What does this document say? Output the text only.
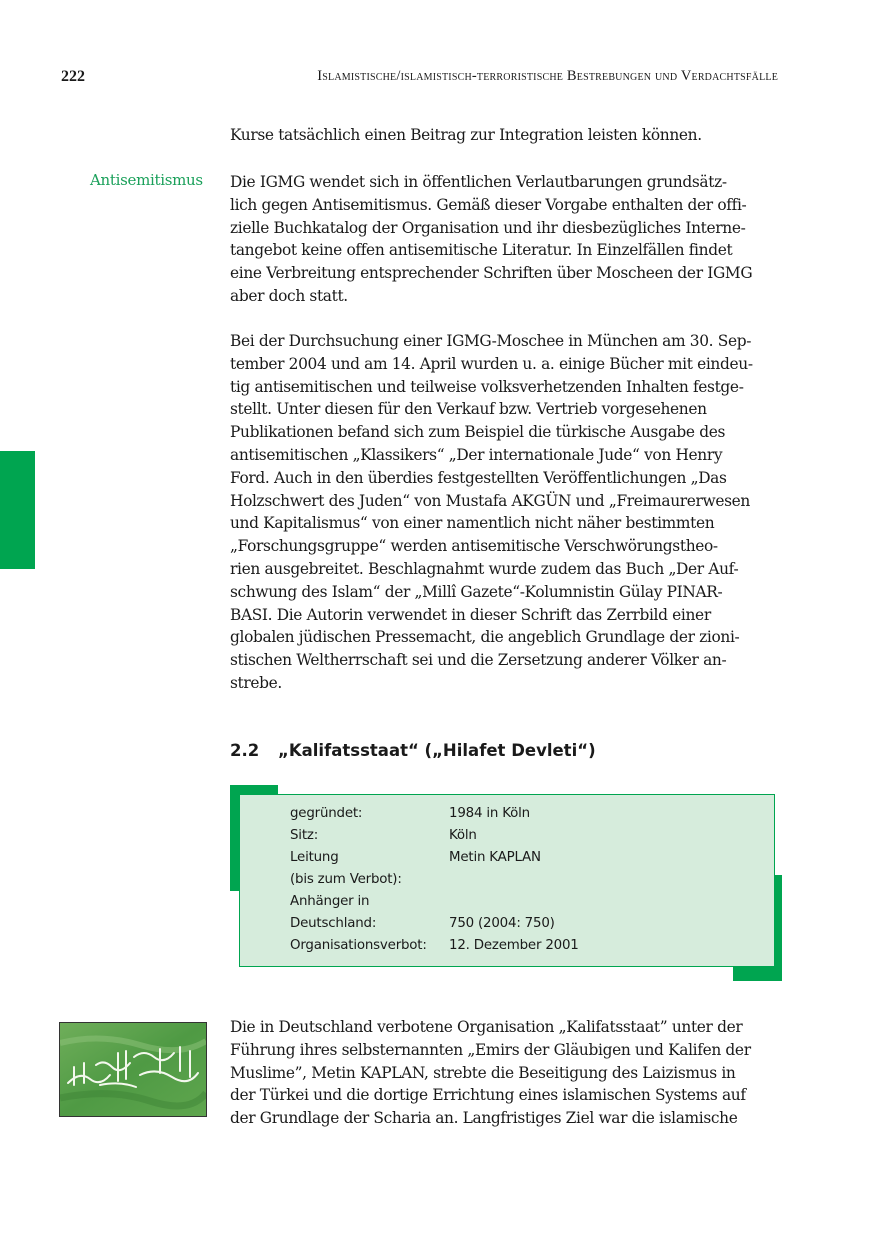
222	Islamistische/islamistisch-terroristische Bestrebungen und Verdachtsfälle
Kurse tatsächlich einen Beitrag zur Integration leisten können.
Antisemitismus Die IGMG wendet sich in öffentlichen Verlautbarungen grundsätz-
lich gegen Antisemitismus. Gemäß dieser Vorgabe enthalten der offi-
zielle Buchkatalog der Organisation und ihr diesbezügliches Interne-
tangebot keine offen antisemitische Literatur. In Einzelfällen findet
eine Verbreitung entsprechender Schriften über Moscheen der IGMG
aber doch statt.
Bei der Durchsuchung einer IGMG-Moschee in München am 30. Sep-
tember 2004 und am 14. April wurden u. a. einige Bücher mit eindeu-
tig antisemitischen und teilweise volksverhetzenden Inhalten festge-
stellt. Unter diesen für den Verkauf bzw. Vertrieb vorgesehenen
Publikationen befand sich zum Beispiel die türkische Ausgabe des
antisemitischen „Klassikers“ „Der internationale Jude“ von Henry
Ford. Auch in den überdies festgestellten Veröffentlichungen „Das
Holzschwert des Juden“ von Mustafa AKGÜN und „Freimaurerwesen
und Kapitalismus“ von einer namentlich nicht näher bestimmten
„Forschungsgruppe“ werden antisemitische Verschwörungstheo-
rien ausgebreitet. Beschlagnahmt wurde zudem das Buch „Der Auf-
schwung des Islam“ der „Millî Gazete“-Kolumnistin Gülay PINAR-
BASI. Die Autorin verwendet in dieser Schrift das Zerrbild einer
globalen jüdischen Pressemacht, die angeblich Grundlage der zioni-
stischen Weltherrschaft sei und die Zersetzung anderer Völker an-
strebe.
2.2 „Kalifatsstaat“ („Hilafet Devleti“)
gegründet:	1984 in Köln
Sitz:	Köln
Leitung	Metin KAPLAN
(bis zum Verbot):
Anhänger in
Deutschland:	750 (2004: 750)
Organisationsverbot: 12. Dezember 2001
Die in Deutschland verbotene Organisation „Kalifatsstaat” unter der
Führung ihres selbsternannten „Emirs der Gläubigen und Kalifen der
Muslime”, Metin KAPLAN, strebte die Beseitigung des Laizismus in
der Türkei und die dortige Errichtung eines islamischen Systems auf
der Grundlage der Scharia an. Langfristiges Ziel war die islamische
